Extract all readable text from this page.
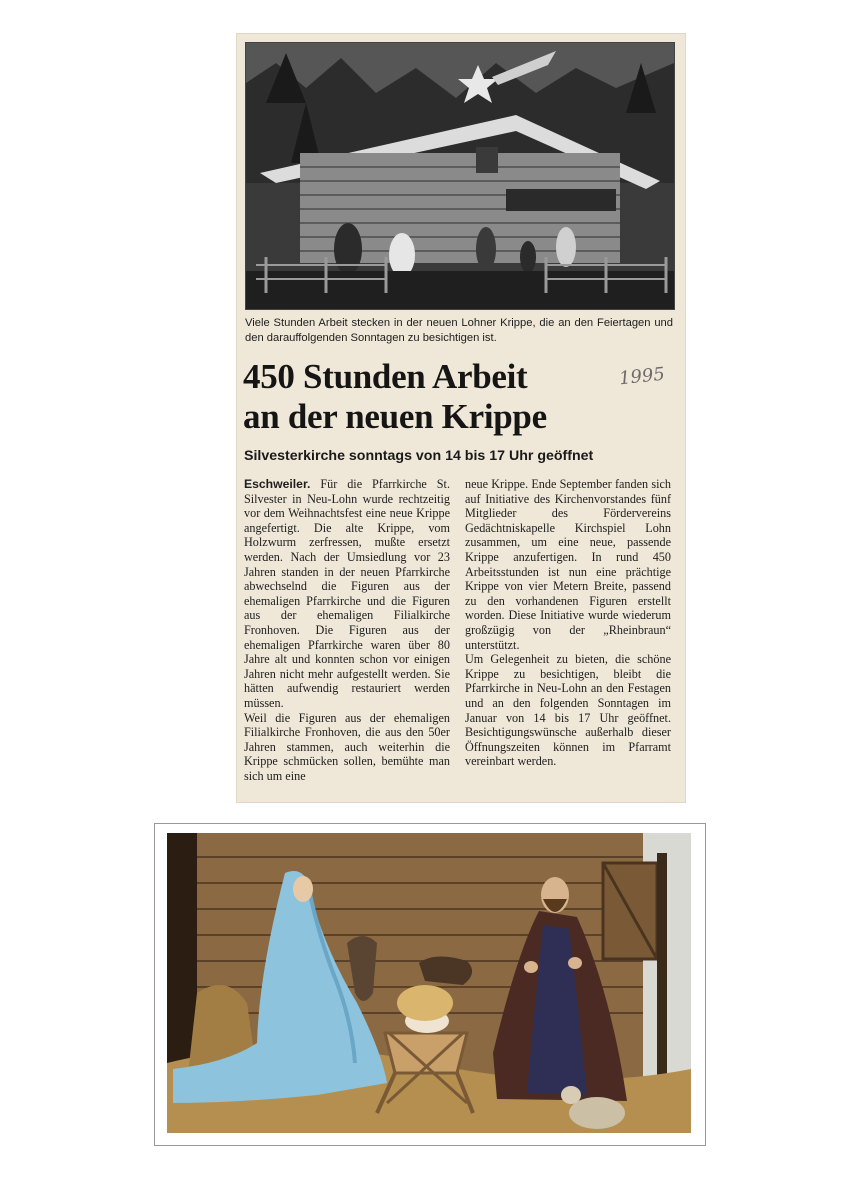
Viele Stunden Arbeit stecken in der neuen Lohner Krippe, die an den Feiertagen und den darauffolgenden Sonntagen zu besichtigen ist.
450 Stunden Arbeit
an der neuen Krippe
1995
Silvesterkirche sonntags von 14 bis 17 Uhr geöffnet

Eschweiler. Für die Pfarrkirche St. Silvester in Neu-Lohn wurde rechtzeitig vor dem Weihnachtsfest eine neue Krippe angefertigt. Die alte Krippe, vom Holzwurm zerfressen, mußte ersetzt werden. Nach der Umsiedlung vor 23 Jahren standen in der neuen Pfarrkirche abwechselnd die Figuren aus der ehemaligen Pfarrkirche und die Figuren aus der ehemaligen Filialkirche Fronhoven. Die Figuren aus der ehemaligen Pfarrkirche waren über 80 Jahre alt und konnten schon vor einigen Jahren nicht mehr aufgestellt werden. Sie hätten aufwendig restauriert werden müssen.

Weil die Figuren aus der ehemaligen Filialkirche Fronhoven, die aus den 50er Jahren stammen, auch weiterhin die Krippe schmücken sollen, bemühte man sich um eine

neue Krippe. Ende September fanden sich auf Initiative des Kirchenvorstandes fünf Mitglieder des Fördervereins Gedächtniskapelle Kirchspiel Lohn zusammen, um eine neue, passende Krippe anzufertigen. In rund 450 Arbeitsstunden ist nun eine prächtige Krippe von vier Metern Breite, passend zu den vorhandenen Figuren erstellt worden. Diese Initiative wurde wiederum großzügig von der „Rheinbraun“ unterstützt.

Um Gelegenheit zu bieten, die schöne Krippe zu besichtigen, bleibt die Pfarrkirche in Neu-Lohn an den Festagen und an den folgenden Sonntagen im Januar von 14 bis 17 Uhr geöffnet. Besichtigungswünsche außerhalb dieser Öffnungszeiten können im Pfarramt vereinbart werden.
